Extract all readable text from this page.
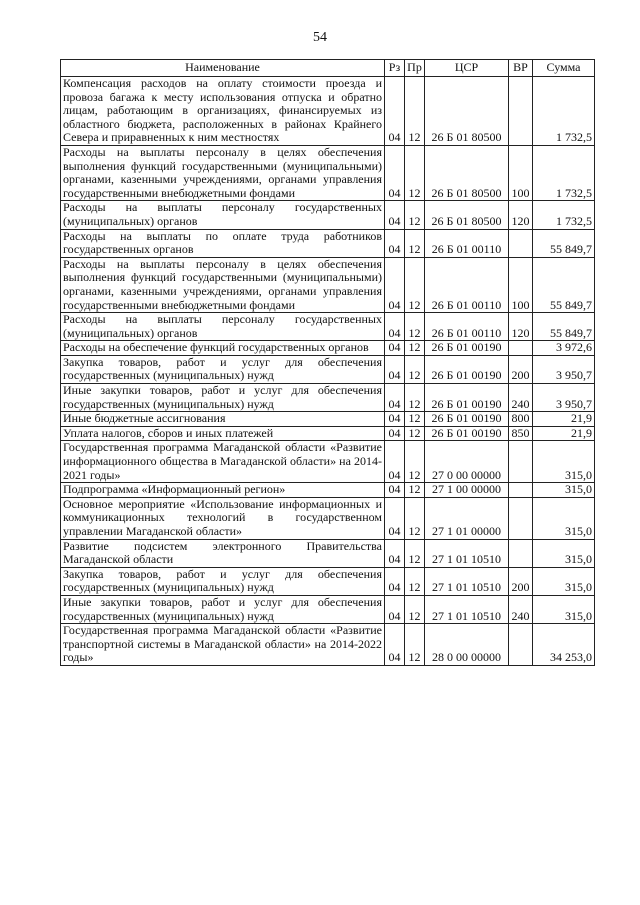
54
Наименование	Рз	Пр	ЦСР	ВР	Сумма
Компенсация расходов на оплату стоимости проезда и провоза багажа к месту использования отпуска и обратно лицам, работающим в организациях, финансируемых из областного бюджета, расположенных в районах Крайнего Севера и приравненных к ним местностях	04	12	26 Б 01 80500		1 732,5
Расходы на выплаты персоналу в целях обеспечения выполнения функций государственными (муниципальными) органами, казенными учреждениями, органами управления государственными внебюджетными фондами	04	12	26 Б 01 80500	100	1 732,5
Расходы на выплаты персоналу государственных (муниципальных) органов	04	12	26 Б 01 80500	120	1 732,5
Расходы на выплаты по оплате труда работников государственных органов	04	12	26 Б 01 00110		55 849,7
Расходы на выплаты персоналу в целях обеспечения выполнения функций государственными (муниципальными) органами, казенными учреждениями, органами управления государственными внебюджетными фондами	04	12	26 Б 01 00110	100	55 849,7
Расходы на выплаты персоналу государственных (муниципальных) органов	04	12	26 Б 01 00110	120	55 849,7
Расходы на обеспечение функций государственных органов	04	12	26 Б 01 00190		3 972,6
Закупка товаров, работ и услуг для обеспечения государственных (муниципальных) нужд	04	12	26 Б 01 00190	200	3 950,7
Иные закупки товаров, работ и услуг для обеспечения государственных (муниципальных) нужд	04	12	26 Б 01 00190	240	3 950,7
Иные бюджетные ассигнования	04	12	26 Б 01 00190	800	21,9
Уплата налогов, сборов и иных платежей	04	12	26 Б 01 00190	850	21,9
Государственная программа Магаданской области «Развитие информационного общества в Магаданской области» на 2014-2021 годы»	04	12	27 0 00 00000		315,0
Подпрограмма «Информационный регион»	04	12	27 1 00 00000		315,0
Основное мероприятие «Использование информационных и коммуникационных технологий в государственном управлении Магаданской области»	04	12	27 1 01 00000		315,0
Развитие подсистем электронного Правительства Магаданской области	04	12	27 1 01 10510		315,0
Закупка товаров, работ и услуг для обеспечения государственных (муниципальных) нужд	04	12	27 1 01 10510	200	315,0
Иные закупки товаров, работ и услуг для обеспечения государственных (муниципальных) нужд	04	12	27 1 01 10510	240	315,0
Государственная программа Магаданской области «Развитие транспортной системы в Магаданской области» на 2014-2022 годы»	04	12	28 0 00 00000		34 253,0
